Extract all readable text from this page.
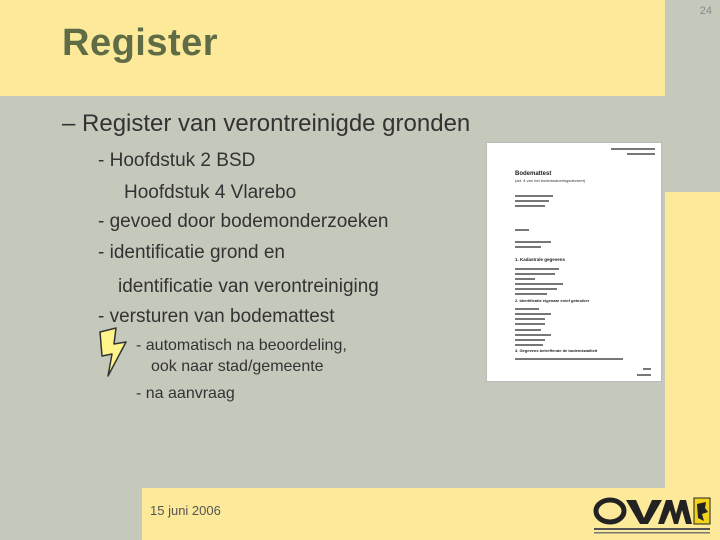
24
Register
15 juni 2006
– Register van verontreinigde gronden
- Hoofdstuk 2 BSD
Hoofdstuk 4 Vlarebo
- gevoed door bodemonderzoeken
- identificatie grond en
identificatie van verontreiniging
- versturen van bodemattest
- automatisch na beoordeling,
ook naar stad/gemeente
- na aanvraag
Bodemattest
(art. 4 van het bodemsaneringsdecreet)
1. Kadastrale gegevens
2. Identificatie eigenaar en/of gebruiker
3. Gegevens betreffende de bodemkwaliteit
